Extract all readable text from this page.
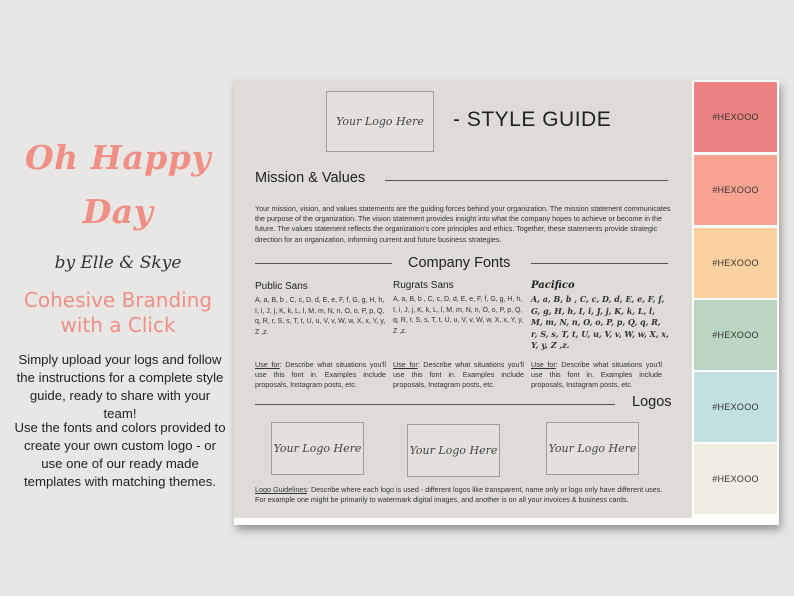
Oh Happy
Day
by Elle & Skye
Cohesive Branding
with a Click
Simply upload your logs and follow the instructions for a complete style guide, ready to share with your team!
Use the fonts and colors provided to create your own custom logo - or use one of our ready made templates with matching themes.
Your Logo Here - STYLE GUIDE
Mission & Values
Your mission, vision, and values statements are the guiding forces behind your organization. The mission statement communicates the purpose of the organization. The vision statement provides insight into what the company hopes to achieve or become in the future. The values statement reflects the organization's core principles and ethics. Together, these statements provide strategic direction for an organization, informing current and future business strategies.
Company Fonts
Public Sans
A, a, B, b , C, c, D, d, E, e, F, f, G, g, H, h, I, i, J, j, K, k, L, l, M, m, N, n, O, o, P, p, Q, q, R, r, S, s, T, t, U, u, V, v, W, w, X, x, Y, y, Z ,z.
Use for: Describe what situations you'll use this font in. Examples include proposals, Instagram posts, etc.
Rugrats Sans
A, a, B, b , C, c, D, d, E, e, F, f, G, g, H, h, I, i, J, j, K, k, L, l, M, m, N, n, O, o, P, p, Q, q, R, r, S, s, T, t, U, u, V, v, W, w, X, x, Y, y, Z ,z.
Use for: Describe what situations you'll use this font in. Examples include proposals, Instagram posts, etc.
Pacifico
A, a, B, b , C, c, D, d, E, e, F, f, G, g, H, h, I, i, J, j, K, k, L, l, M, m, N, n, O, o, P, p, Q, q, R, r, S, s, T, t, U, u, V, v, W, w, X, x, Y, y, Z ,z.
Use for: Describe what situations you'll use this font in. Examples include proposals, Instagram posts, etc.
Logos
Your Logo Here	Your Logo Here	Your Logo Here
Logo Guidelines: Describe where each logo is used - different logos like transparent, name only or logo only have different uses. For example one might be primarily to watermark digital images, and another is on all your invoices & business cards.
#HEXOOO
#HEXOOO
#HEXOOO
#HEXOOO
#HEXOOO
#HEXOOO
